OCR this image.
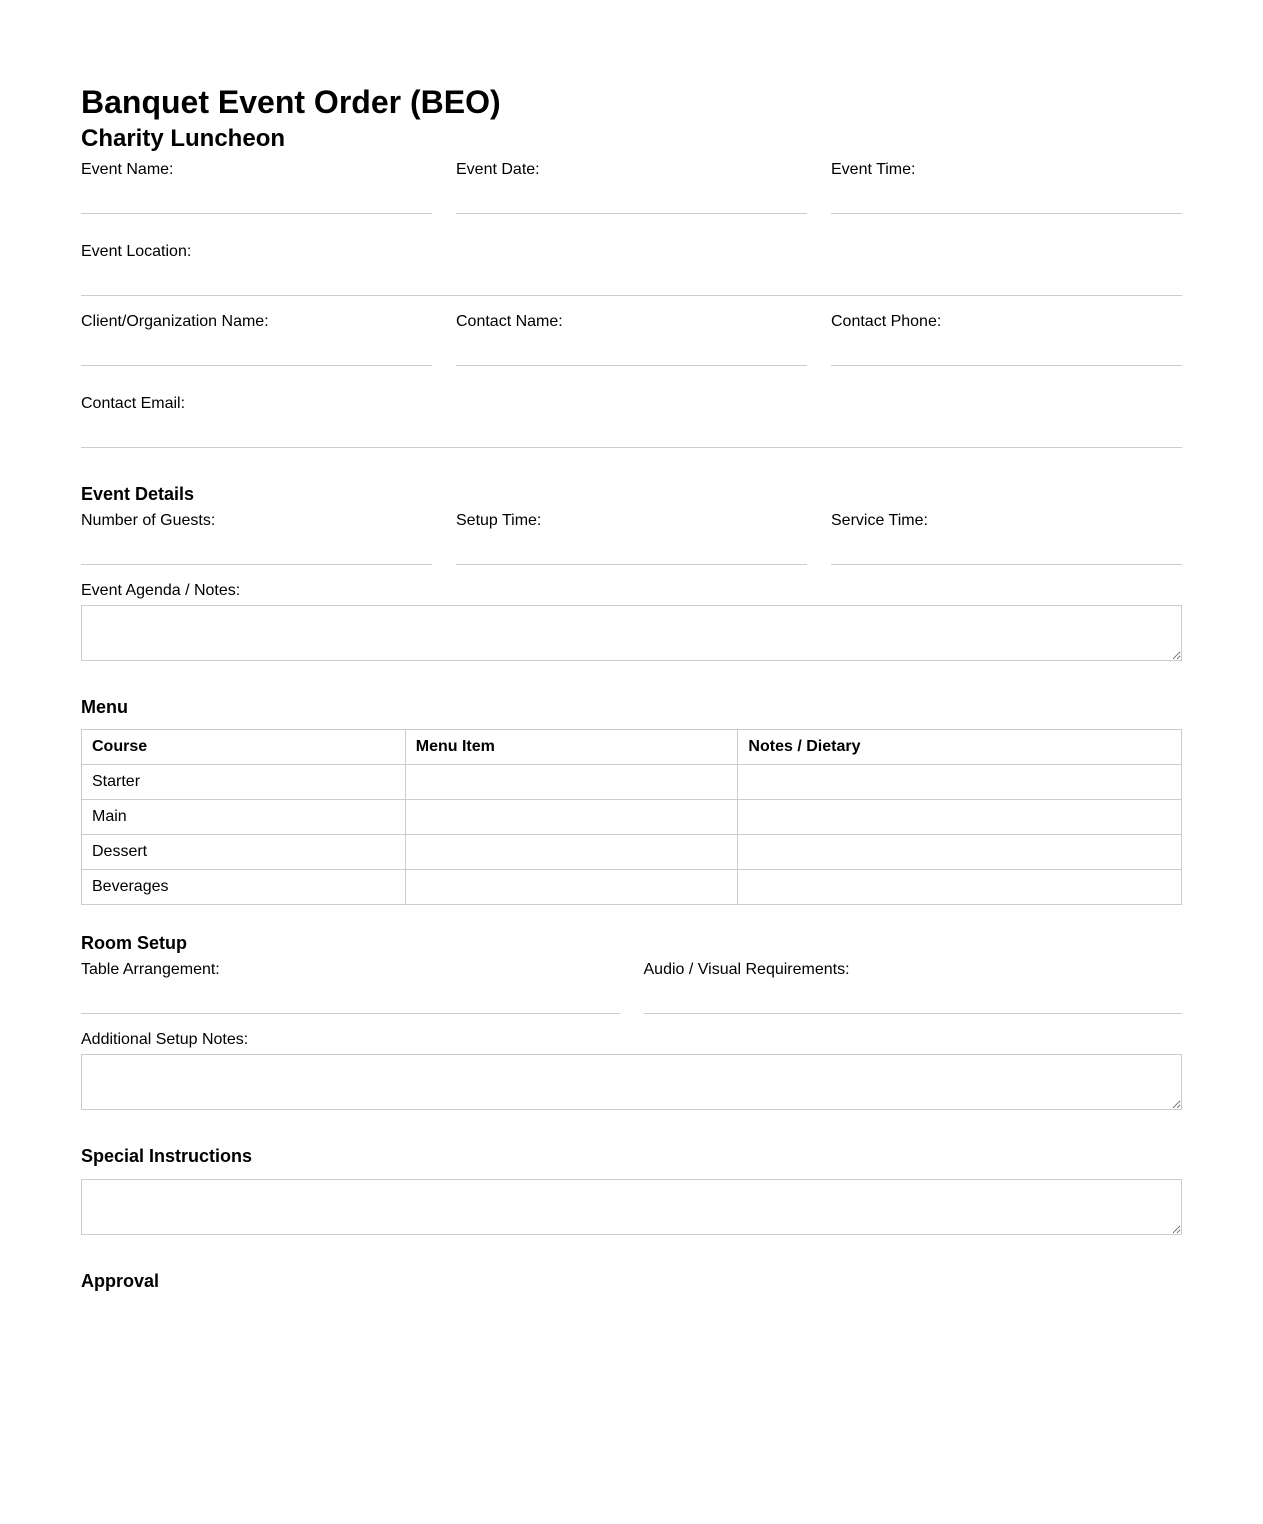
Banquet Event Order (BEO)
Charity Luncheon
Event Name:	Event Date:	Event Time:
Event Location:
Client/Organization Name:	Contact Name:	Contact Phone:
Contact Email:
Event Details
Number of Guests:	Setup Time:	Service Time:
Event Agenda / Notes:
Menu
Course	Menu Item	Notes / Dietary
Starter		
Main		
Dessert		
Beverages		
Room Setup
Table Arrangement:	Audio / Visual Requirements:
Additional Setup Notes:
Special Instructions
Approval
